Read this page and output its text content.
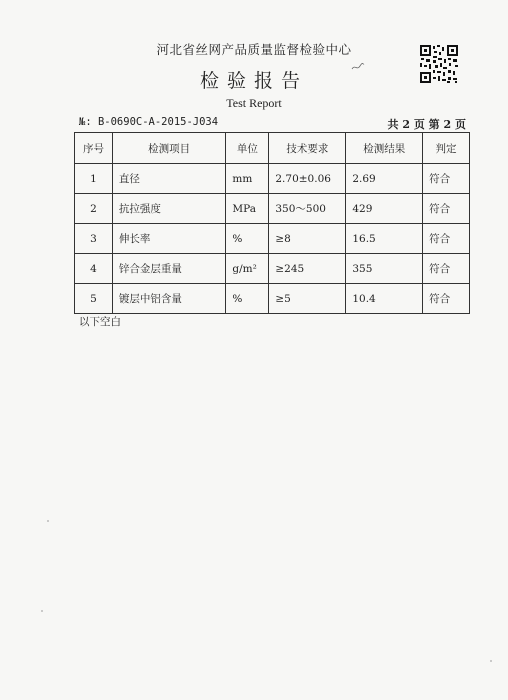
河北省丝网产品质量监督检验中心
检验报告
Test Report
№: B-0690C-A-2015-J034	共 2 页 第 2 页
序号	检测项目	单位	技术要求	检测结果	判定
1	直径	mm	2.70±0.06	2.69	符合
2	抗拉强度	MPa	350～500	429	符合
3	伸长率	%	≥8	16.5	符合
4	锌合金层重量	g/m²	≥245	355	符合
5	镀层中铝含量	%	≥5	10.4	符合
以下空白
